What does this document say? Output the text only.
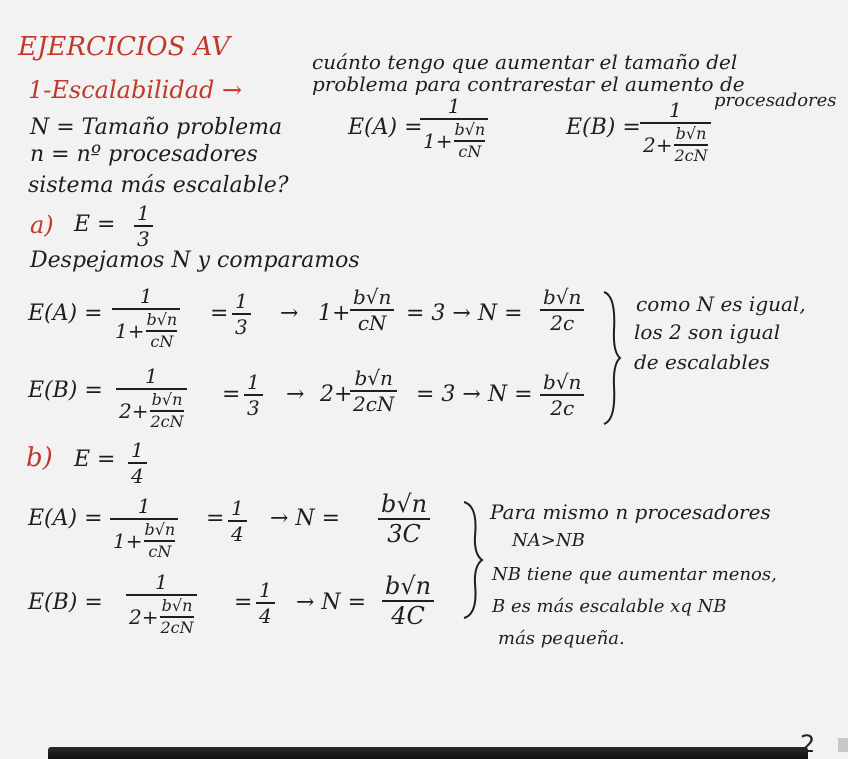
EJERCICIOS AV
1-Escalabilidad →
cuánto tengo que aumentar el tamaño del
problema para contrarestar el aumento de
procesadores
N = Tamaño problema
n = nº procesadores
sistema más escalable?
E(A) =
1
1+ b√n
cN
E(B) =
1
2+ b√n
2cN
a) E = 1
3
Despejamos N y comparamos
E(A) =
1
1+ b√n
cN
= 1
3
→ 1+
b√n
cN = 3 → N =
b√n
2c
E(B) =
1
2+ b√n
2cN
= 1
3
→ 2+
b√n
2cN = 3 → N = b√n
2c
como N es igual,
los 2 son igual
de escalables
b) E = 1
4
E(A) = 1
1+ b√n
cN
= 1
4
→ N =
b√n
3C
E(B) =
1
2+ b√n
2cN
= 1
4
→ N =
b√n
4C
Para mismo n procesadores
NA>NB
NB tiene que aumentar menos,
B es más escalable xq NB
más pequeña.
2
